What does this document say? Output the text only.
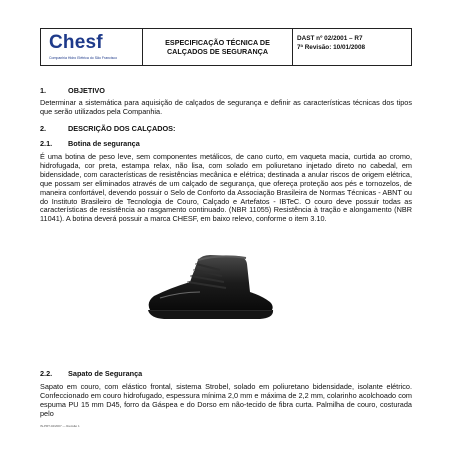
Chesf
Companhia Hidro Elétrica do São Francisco
ESPECIFICAÇÃO TÉCNICA DE
CALÇADOS DE SEGURANÇA
DAST nº 02/2001 – R7
7ª Revisão: 10/01/2008
1.	OBJETIVO
Determinar a sistemática para aquisição de calçados de segurança e definir as características técnicas dos tipos que serão utilizados pela Companhia.
2.	DESCRIÇÃO DOS CALÇADOS:
2.1. Botina de segurança
É uma botina de peso leve, sem componentes metálicos, de cano curto, em vaqueta macia, curtida ao cromo, hidrofugada, cor preta, estampa relax, não lisa, com solado em poliuretano injetado direto no cabedal, em bidensidade, com características de resistências mecânica e elétrica; destinada a anular riscos de origem elétrica, que possam ser eliminados através de um calçado de segurança, que ofereça proteção aos pés e tornozelos, de maneira confortável, devendo possuir o Selo de Conforto da Associação Brasileira de Normas Técnicas - ABNT ou do Instituto Brasileiro de Tecnologia de Couro, Calçado e Artefatos - IBTeC. O couro deve possuir todas as características de resistência ao rasgamento continuado. (NBR 11055) Resistência à tração e alongamento (NBR 11041). A botina deverá possuir a marca CHESF, em baixo relevo, conforme o item 3.10.
2.2. Sapato de Segurança
Sapato em couro, com elástico frontal, sistema Strobel, solado em poliuretano bidensidade, isolante elétrico. Confeccionado em couro hidrofugado, espessura mínima 2,0 mm e máxima de 2,2 mm, colarinho acolchoado com espuma PU 15 mm D45, forro da Gáspea e do Dorso em não-tecido de fibra curta. Palmilha de couro, costurada pelo
IN-PRT-02/2007 — Revisão 1
